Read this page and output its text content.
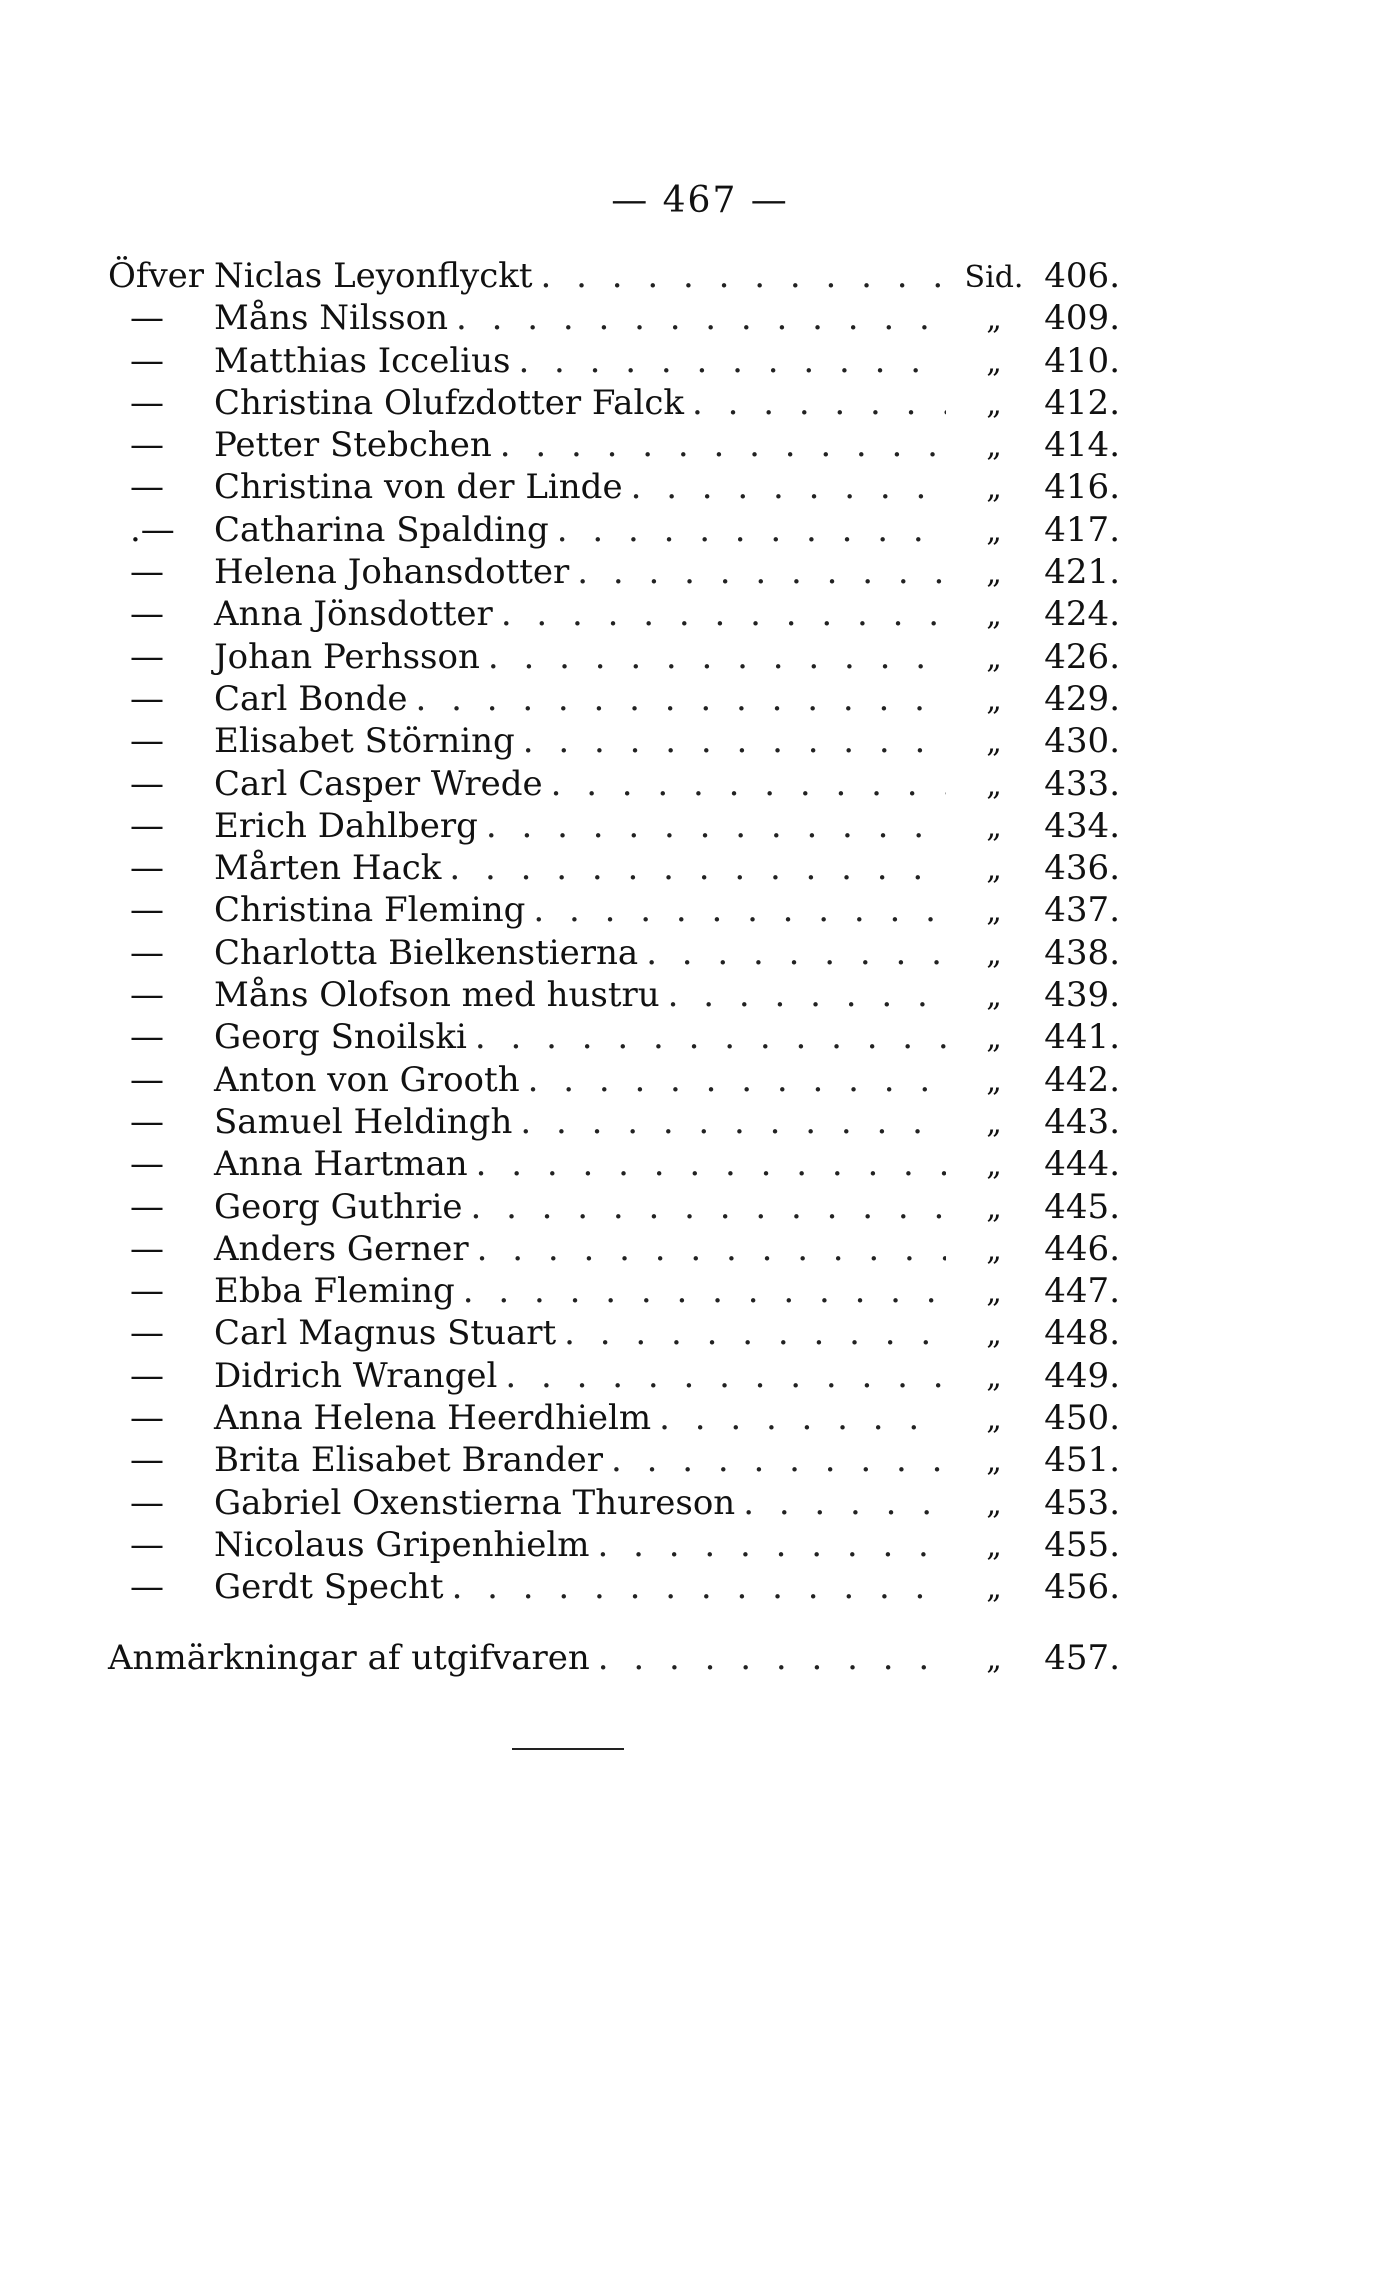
— 467 —
Öfver Niclas Leyonflyckt . . .	Sid. 406.
—	Måns Nilsson . . .	„	409.
—	Matthias Iccelius . . .	„	410.
—	Christina Olufzdotter Falck . . .	„	412.
—	Petter Stebchen . . .	„	414.
—	Christina von der Linde . . .	„	416.
.—	Catharina Spalding . . .	„	417.
—	Helena Johansdotter . . .	„	421.
—	Anna Jönsdotter . . .	„	424.
—	Johan Perhsson . . .	„	426.
—	Carl Bonde . . .	„	429.
—	Elisabet Störning . . .	„	430.
—	Carl Casper Wrede . . .	„	433.
—	Erich Dahlberg . . .	„	434.
—	Mårten Hack . . .	„	436.
—	Christina Fleming . . .	„	437.
—	Charlotta Bielkenstierna . . .	„	438.
—	Måns Olofson med hustru . . .	„	439.
—	Georg Snoilski . . .	„	441.
—	Anton von Grooth . . .	„	442.
—	Samuel Heldingh . . .	„	443.
—	Anna Hartman . . .	„	444.
—	Georg Guthrie . . .	„	445.
—	Anders Gerner . . .	„	446.
—	Ebba Fleming . . .	„	447.
—	Carl Magnus Stuart . . .	„	448.
—	Didrich Wrangel . . .	„	449.
—	Anna Helena Heerdhielm . . .	„	450.
—	Brita Elisabet Brander . . .	„	451.
—	Gabriel Oxenstierna Thureson . . .	„	453.
—	Nicolaus Gripenhielm . . .	„	455.
—	Gerdt Specht . . .	„	456.
Anmärkningar af utgifvaren . . .	„	457.
